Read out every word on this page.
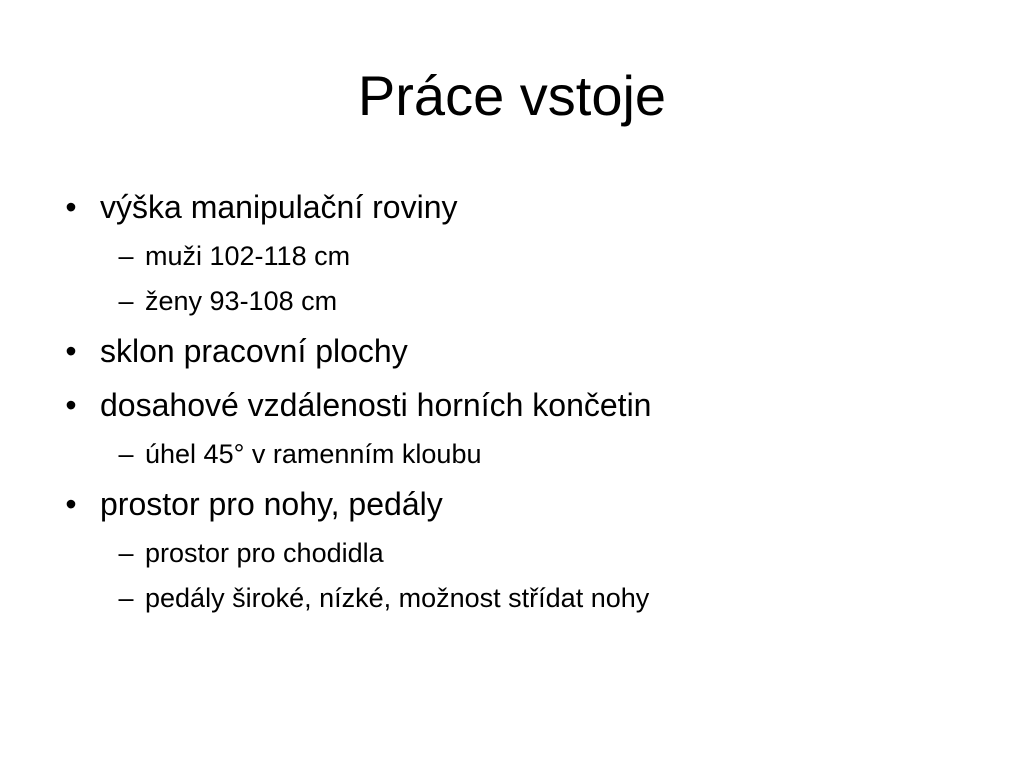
Práce vstoje
• výška manipulační roviny
– muži 102-118 cm
– ženy 93-108 cm
• sklon pracovní plochy
• dosahové vzdálenosti horních končetin
– úhel 45° v ramenním kloubu
• prostor pro nohy, pedály
– prostor pro chodidla
– pedály široké, nízké, možnost střídat nohy
